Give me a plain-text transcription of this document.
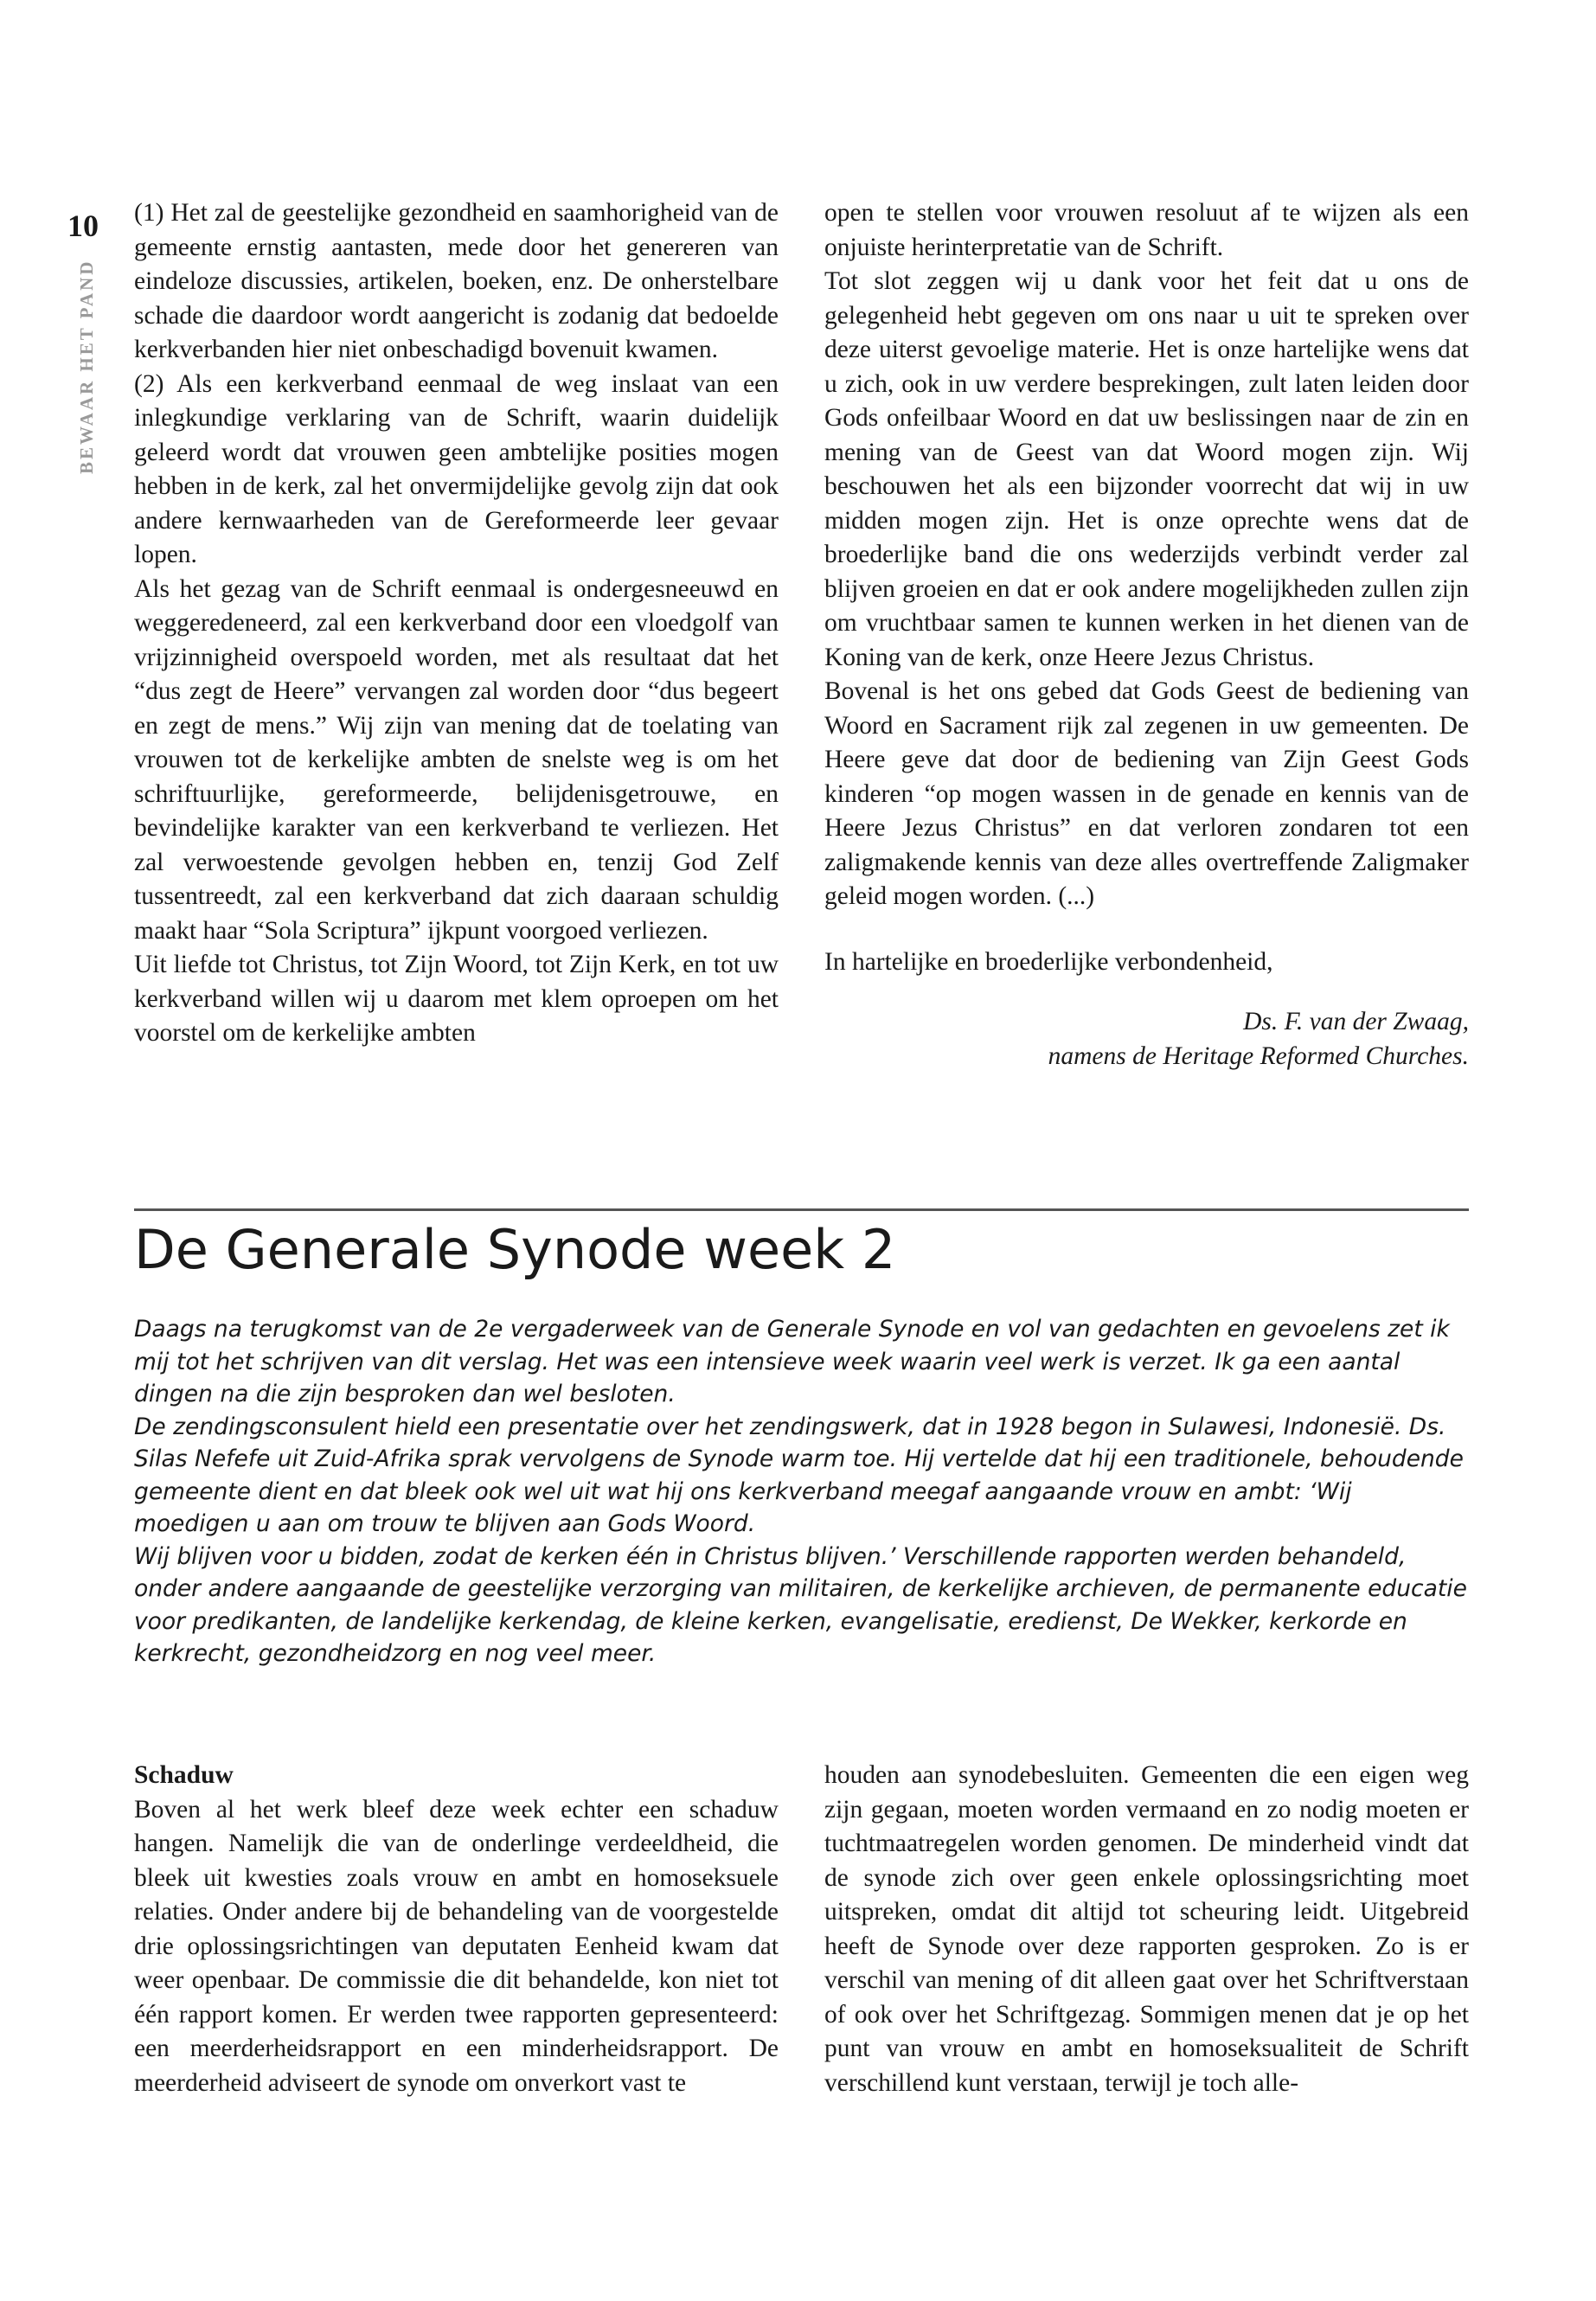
10
BEWAAR HET PAND

(1) Het zal de geestelijke gezondheid en saamhorigheid van de gemeente ernstig aantasten, mede door het genereren van eindeloze discussies, artikelen, boeken, enz. De onherstelbare schade die daardoor wordt aangericht is zodanig dat bedoelde kerkverbanden hier niet onbeschadigd bovenuit kwamen.

(2) Als een kerkverband eenmaal de weg inslaat van een inlegkundige verklaring van de Schrift, waarin duidelijk geleerd wordt dat vrouwen geen ambtelijke posities mogen hebben in de kerk, zal het onvermijdelijke gevolg zijn dat ook andere kernwaarheden van de Gereformeerde leer gevaar lopen.

Als het gezag van de Schrift eenmaal is ondergesneeuwd en weggeredeneerd, zal een kerkverband door een vloedgolf van vrijzinnigheid overspoeld worden, met als resultaat dat het “dus zegt de Heere” vervangen zal worden door “dus begeert en zegt de mens.” Wij zijn van mening dat de toelating van vrouwen tot de kerkelijke ambten de snelste weg is om het schriftuurlijke, gereformeerde, belijdenisgetrouwe, en bevindelijke karakter van een kerkverband te verliezen. Het zal verwoestende gevolgen hebben en, tenzij God Zelf tussentreedt, zal een kerkverband dat zich daaraan schuldig maakt haar “Sola Scriptura” ijkpunt voorgoed verliezen.

Uit liefde tot Christus, tot Zijn Woord, tot Zijn Kerk, en tot uw kerkverband willen wij u daarom met klem oproepen om het voorstel om de kerkelijke ambten

open te stellen voor vrouwen resoluut af te wijzen als een onjuiste herinterpretatie van de Schrift.

Tot slot zeggen wij u dank voor het feit dat u ons de gelegenheid hebt gegeven om ons naar u uit te spreken over deze uiterst gevoelige materie. Het is onze hartelijke wens dat u zich, ook in uw verdere besprekingen, zult laten leiden door Gods onfeilbaar Woord en dat uw beslissingen naar de zin en mening van de Geest van dat Woord mogen zijn. Wij beschouwen het als een bijzonder voorrecht dat wij in uw midden mogen zijn. Het is onze oprechte wens dat de broederlijke band die ons wederzijds verbindt verder zal blijven groeien en dat er ook andere mogelijkheden zullen zijn om vruchtbaar samen te kunnen werken in het dienen van de Koning van de kerk, onze Heere Jezus Christus.

Bovenal is het ons gebed dat Gods Geest de bediening van Woord en Sacrament rijk zal zegenen in uw gemeenten. De Heere geve dat door de bediening van Zijn Geest Gods kinderen “op mogen wassen in de genade en kennis van de Heere Jezus Christus” en dat verloren zondaren tot een zaligmakende kennis van deze alles overtreffende Zaligmaker geleid mogen worden. (...)

In hartelijke en broederlijke verbondenheid,

Ds. F. van der Zwaag,
namens de Heritage Reformed Churches.
De Generale Synode week 2

Daags na terugkomst van de 2e vergaderweek van de Generale Synode en vol van gedachten en gevoelens zet ik mij tot het schrijven van dit verslag. Het was een intensieve week waarin veel werk is verzet. Ik ga een aantal dingen na die zijn besproken dan wel besloten.

De zendingsconsulent hield een presentatie over het zendingswerk, dat in 1928 begon in Sulawesi, Indonesië. Ds. Silas Nefefe uit Zuid-Afrika sprak vervolgens de Synode warm toe. Hij vertelde dat hij een traditionele, behoudende gemeente dient en dat bleek ook wel uit wat hij ons kerkverband meegaf aangaande vrouw en ambt: ‘Wij moedigen u aan om trouw te blijven aan Gods Woord.

Wij blijven voor u bidden, zodat de kerken één in Christus blijven.’ Verschillende rapporten werden behandeld, onder andere aangaande de geestelijke verzorging van militairen, de kerkelijke archieven, de permanente educatie voor predikanten, de landelijke kerkendag, de kleine kerken, evangelisatie, eredienst, De Wekker, kerkorde en kerkrecht, gezondheidzorg en nog veel meer.

Schaduw

Boven al het werk bleef deze week echter een schaduw hangen. Namelijk die van de onderlinge verdeeldheid, die bleek uit kwesties zoals vrouw en ambt en homoseksuele relaties. Onder andere bij de behandeling van de voorgestelde drie oplossingsrichtingen van deputaten Eenheid kwam dat weer openbaar. De commissie die dit behandelde, kon niet tot één rapport komen. Er werden twee rapporten gepresenteerd: een meerderheidsrapport en een minderheidsrapport. De meerderheid adviseert de synode om onverkort vast te

houden aan synodebesluiten. Gemeenten die een eigen weg zijn gegaan, moeten worden vermaand en zo nodig moeten er tuchtmaatregelen worden genomen. De minderheid vindt dat de synode zich over geen enkele oplossingsrichting moet uitspreken, omdat dit altijd tot scheuring leidt. Uitgebreid heeft de Synode over deze rapporten gesproken. Zo is er verschil van mening of dit alleen gaat over het Schriftverstaan of ook over het Schriftgezag. Sommigen menen dat je op het punt van vrouw en ambt en homoseksualiteit de Schrift verschillend kunt verstaan, terwijl je toch alle-
